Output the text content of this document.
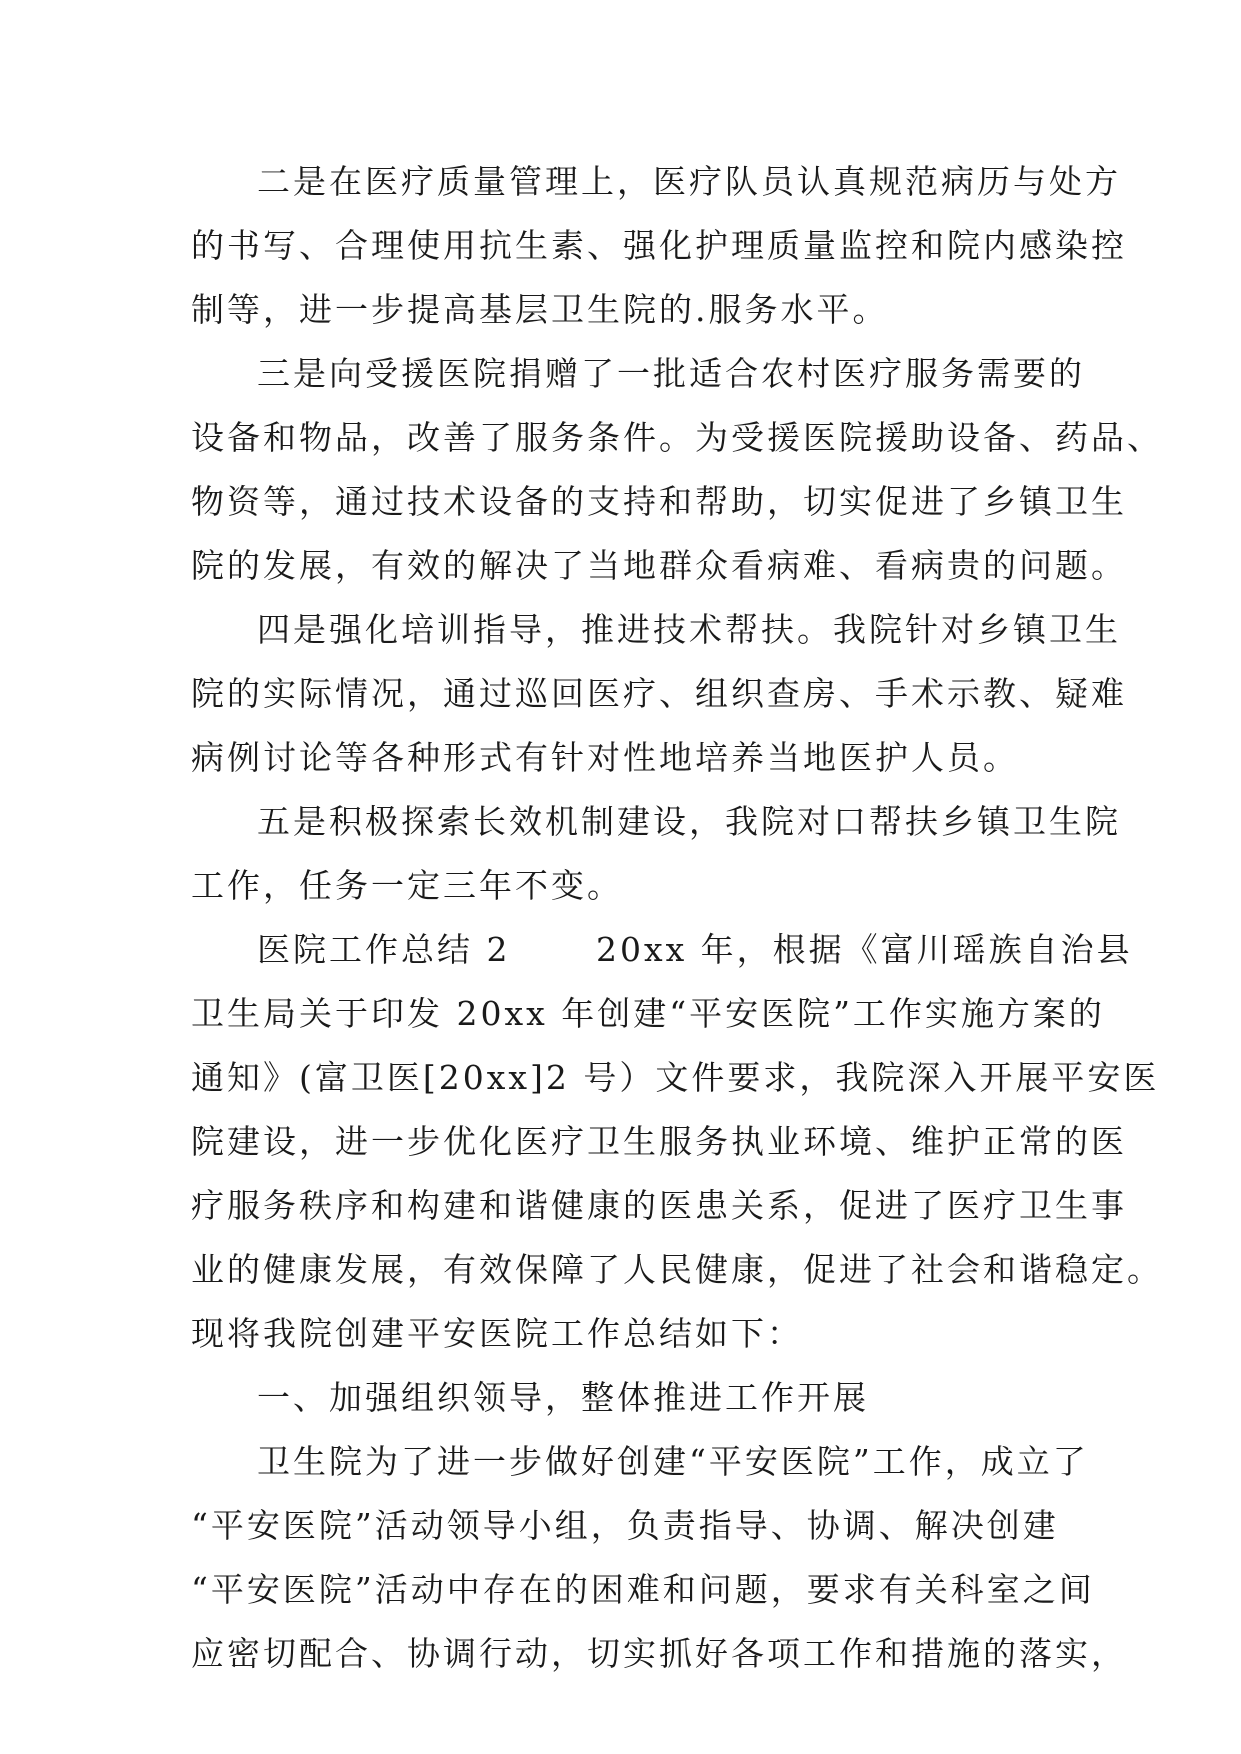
二是在医疗质量管理上，医疗队员认真规范病历与处方
的书写、合理使用抗生素、强化护理质量监控和院内感染控
制等，进一步提高基层卫生院的.服务水平。
三是向受援医院捐赠了一批适合农村医疗服务需要的
设备和物品，改善了服务条件。为受援医院援助设备、药品、
物资等，通过技术设备的支持和帮助，切实促进了乡镇卫生
院的发展，有效的解决了当地群众看病难、看病贵的问题。
四是强化培训指导，推进技术帮扶。我院针对乡镇卫生
院的实际情况，通过巡回医疗、组织查房、手术示教、疑难
病例讨论等各种形式有针对性地培养当地医护人员。
五是积极探索长效机制建设，我院对口帮扶乡镇卫生院
工作，任务一定三年不变。
医院工作总结 2　　 20xx 年，根据《富川瑶族自治县
卫生局关于印发 20xx 年创建“平安医院”工作实施方案的
通知》(富卫医[20xx]2 号）文件要求，我院深入开展平安医
院建设，进一步优化医疗卫生服务执业环境、维护正常的医
疗服务秩序和构建和谐健康的医患关系，促进了医疗卫生事
业的健康发展，有效保障了人民健康，促进了社会和谐稳定。
现将我院创建平安医院工作总结如下：
一、加强组织领导，整体推进工作开展
卫生院为了进一步做好创建“平安医院”工作，成立了
“平安医院”活动领导小组，负责指导、协调、解决创建
“平安医院”活动中存在的困难和问题，要求有关科室之间
应密切配合、协调行动，切实抓好各项工作和措施的落实，
